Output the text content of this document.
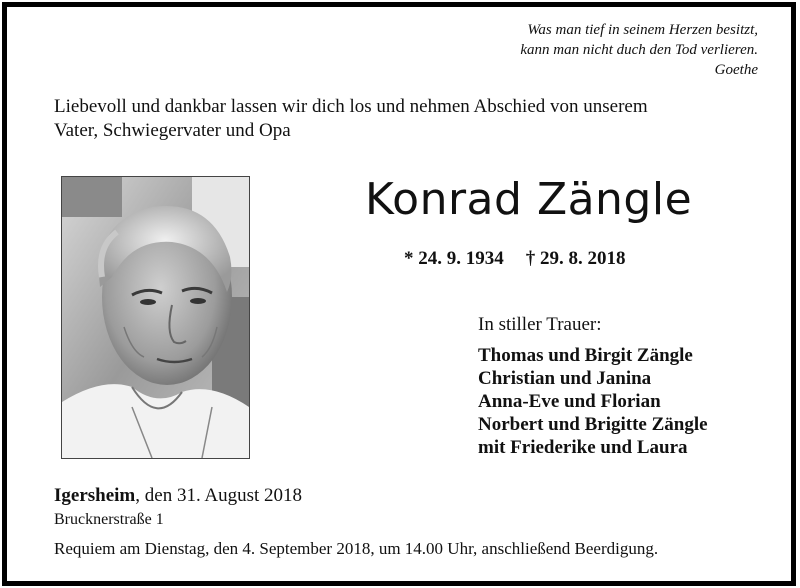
Was man tief in seinem Herzen besitzt,
kann man nicht duch den Tod verlieren.
Goethe
Liebevoll und dankbar lassen wir dich los und nehmen Abschied von unserem
Vater, Schwiegervater und Opa
Konrad Zängle
* 24. 9. 1934 † 29. 8. 2018
In stiller Trauer:
Thomas und Birgit Zängle
Christian und Janina
Anna-Eve und Florian
Norbert und Brigitte Zängle
mit Friederike und Laura
Igersheim, den 31. August 2018
Brucknerstraße 1
Requiem am Dienstag, den 4. September 2018, um 14.00 Uhr, anschließend Beerdigung.
